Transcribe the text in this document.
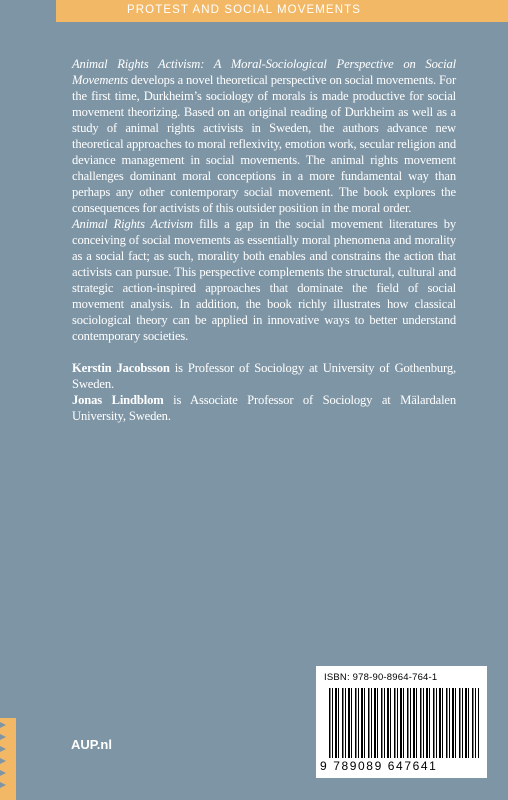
PROTEST AND SOCIAL MOVEMENTS

Animal Rights Activism: A Moral-Sociological Perspective on Social Movements develops a novel theoretical perspective on social movements. For the first time, Durkheim’s sociology of morals is made productive for social movement theorizing. Based on an original reading of Durkheim as well as a study of animal rights activists in Sweden, the authors advance new theoretical approaches to moral reflexivity, emotion work, secular religion and deviance management in social movements. The animal rights movement challenges dominant moral conceptions in a more fundamental way than perhaps any other contemporary social movement. The book explores the consequences for activists of this outsider position in the moral order.

Animal Rights Activism fills a gap in the social movement literatures by conceiving of social movements as essentially moral phenomena and morality as a social fact; as such, morality both enables and constrains the action that activists can pursue. This perspective complements the structural, cultural and strategic action-inspired approaches that dominate the field of social movement analysis. In addition, the book richly illustrates how classical sociological theory can be applied in innovative ways to better understand contemporary societies.

Kerstin Jacobsson is Professor of Sociology at University of Gothenburg, Sweden.

Jonas Lindblom is Associate Professor of Sociology at Mälardalen University, Sweden.

AUP.nl
ISBN: 978-90-8964-764-1
9 789089 647641
